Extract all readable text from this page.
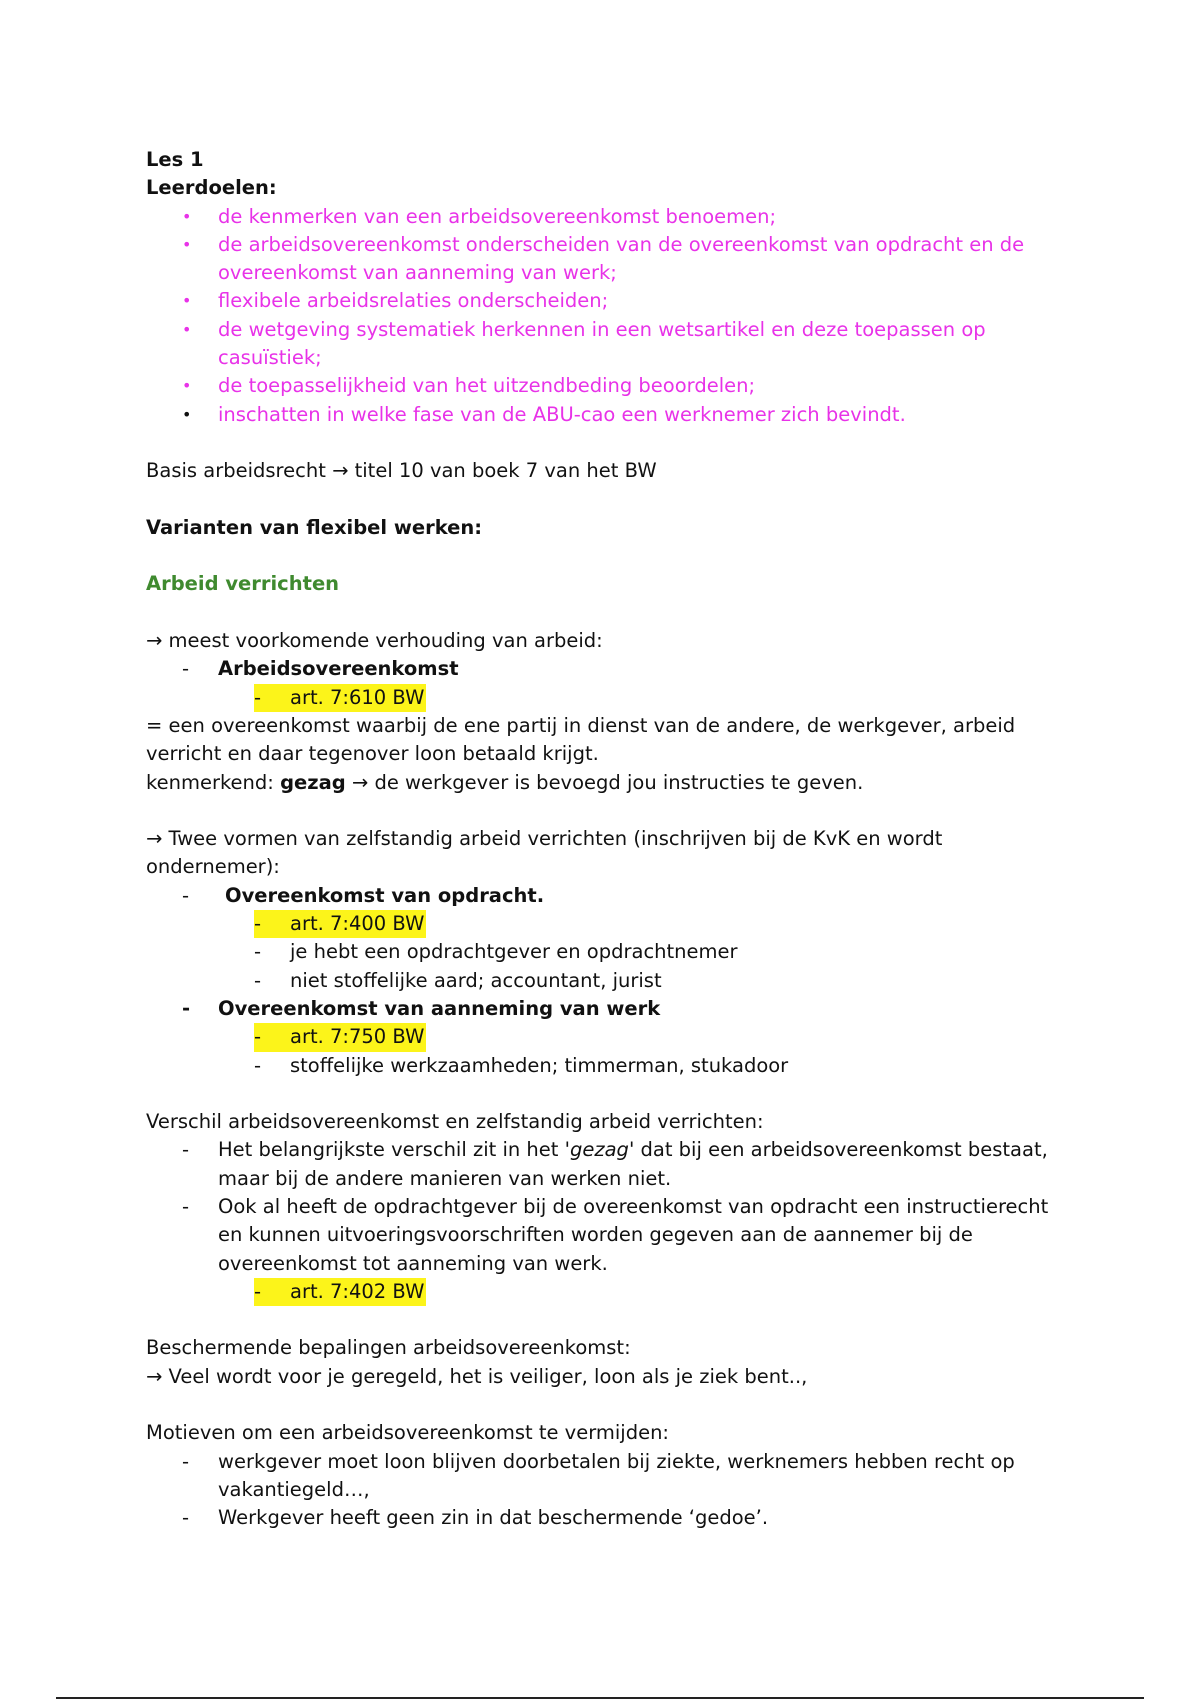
Les 1
Leerdoelen:
•	de kenmerken van een arbeidsovereenkomst benoemen;
•	de arbeidsovereenkomst onderscheiden van de overeenkomst van opdracht en de overeenkomst van aanneming van werk;
•	flexibele arbeidsrelaties onderscheiden;
•	de wetgeving systematiek herkennen in een wetsartikel en deze toepassen op casuïstiek;
•	de toepasselijkheid van het uitzendbeding beoordelen;
•	inschatten in welke fase van de ABU-cao een werknemer zich bevindt.
Basis arbeidsrecht → titel 10 van boek 7 van het BW
Varianten van flexibel werken:
Arbeid verrichten
→ meest voorkomende verhouding van arbeid:
-	Arbeidsovereenkomst
- art. 7:610 BW
= een overeenkomst waarbij de ene partij in dienst van de andere, de werkgever, arbeid verricht en daar tegenover loon betaald krijgt.
kenmerkend: gezag → de werkgever is bevoegd jou instructies te geven.
→ Twee vormen van zelfstandig arbeid verrichten (inschrijven bij de KvK en wordt ondernemer):
-	Overeenkomst van opdracht.
- art. 7:400 BW
-	je hebt een opdrachtgever en opdrachtnemer
-	niet stoffelijke aard; accountant, jurist
-	Overeenkomst van aanneming van werk
- art. 7:750 BW
-	stoffelijke werkzaamheden; timmerman, stukadoor
Verschil arbeidsovereenkomst en zelfstandig arbeid verrichten:
-	Het belangrijkste verschil zit in het 'gezag' dat bij een arbeidsovereenkomst bestaat, maar bij de andere manieren van werken niet.
-	Ook al heeft de opdrachtgever bij de overeenkomst van opdracht een instructierecht en kunnen uitvoeringsvoorschriften worden gegeven aan de aannemer bij de overeenkomst tot aanneming van werk.
- art. 7:402 BW
Beschermende bepalingen arbeidsovereenkomst:
→ Veel wordt voor je geregeld, het is veiliger, loon als je ziek bent..,
Motieven om een arbeidsovereenkomst te vermijden:
-	werkgever moet loon blijven doorbetalen bij ziekte, werknemers hebben recht op vakantiegeld…,
-	Werkgever heeft geen zin in dat beschermende ‘gedoe’.
